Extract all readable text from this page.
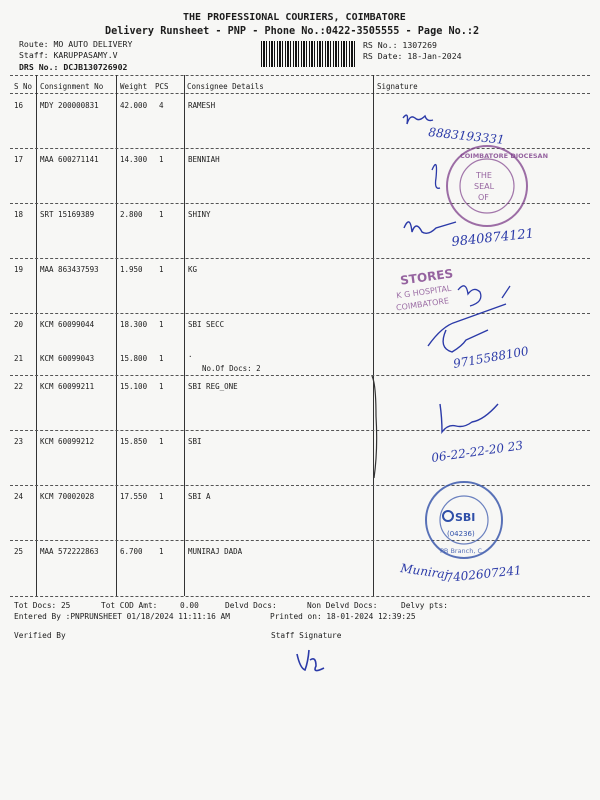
THE PROFESSIONAL COURIERS, COIMBATORE
Delivery Runsheet - PNP - Phone No.:0422-3505555 - Page No.:2
Route: MO AUTO DELIVERY
Staff: KARUPPASAMY.V
DRS No.: DCJB130726902
RS No.: 1307269
RS Date: 18-Jan-2024
S No Consignment No Weight PCS Consignee Details	Signature
16 MDY 200000831	42.000 4	RAMESH
17 MAA 600271141	14.300 1	BENNIAH
18 SRT 15169389	2.800 1	SHINY
19 MAA 863437593	1.950 1	KG
20 KCM 60099044	18.300 1	SBI SECC
21 KCM 60099043	15.800 1	.
No.Of Docs: 2
22 KCM 60099211	15.100 1	SBI REG_ONE
23 KCM 60099212	15.850 1	SBI
24 KCM 70002028	17.550 1	SBI A
25 MAA 572222863	6.700 1	MUNIRAJ DADA
Tot Docs: 25	Tot COD Amt:	0.00	Delvd Docs:	Non Delvd Docs:	Delvy pts:
Entered By :PNPRUNSHEET 01/18/2024 11:11:16 AM	Printed on: 18-01-2024 12:39:25
Verified By	Staff Signature
8883193331
COIMBATORE DIOCESAN
THE
SEAL
OF
9840874121
STORES
K G HOSPITAL
COIMBATORE
9715588100
06-22-22-20 23
SBI
(04236)
PB Branch, C.
Muniraj
7402607241
